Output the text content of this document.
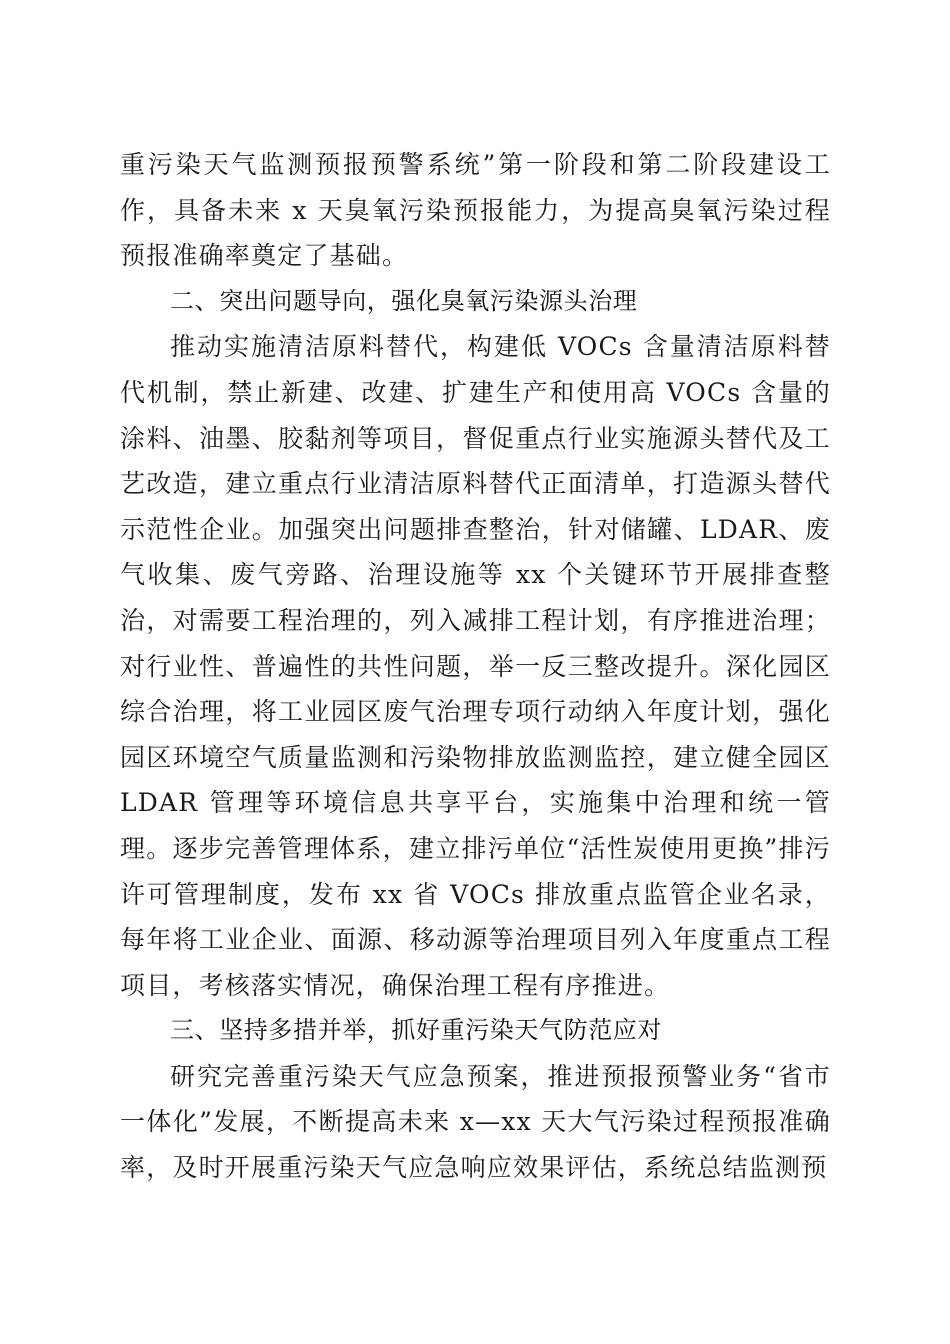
重污染天气监测预报预警系统”第一阶段和第二阶段建设工作，具备未来 x 天臭氧污染预报能力，为提高臭氧污染过程预报准确率奠定了基础。

二、突出问题导向，强化臭氧污染源头治理

推动实施清洁原料替代，构建低 VOCs 含量清洁原料替代机制，禁止新建、改建、扩建生产和使用高 VOCs 含量的涂料、油墨、胶黏剂等项目，督促重点行业实施源头替代及工艺改造，建立重点行业清洁原料替代正面清单，打造源头替代示范性企业。加强突出问题排查整治，针对储罐、LDAR、废气收集、废气旁路、治理设施等 xx 个关键环节开展排查整治，对需要工程治理的，列入减排工程计划，有序推进治理；对行业性、普遍性的共性问题，举一反三整改提升。深化园区综合治理，将工业园区废气治理专项行动纳入年度计划，强化园区环境空气质量监测和污染物排放监测监控，建立健全园区 LDAR 管理等环境信息共享平台，实施集中治理和统一管理。逐步完善管理体系，建立排污单位“活性炭使用更换”排污许可管理制度，发布 xx 省 VOCs 排放重点监管企业名录，每年将工业企业、面源、移动源等治理项目列入年度重点工程项目，考核落实情况，确保治理工程有序推进。

三、坚持多措并举，抓好重污染天气防范应对

研究完善重污染天气应急预案，推进预报预警业务“省市一体化”发展，不断提高未来 x—xx 天大气污染过程预报准确率，及时开展重污染天气应急响应效果评估，系统总结监测预
